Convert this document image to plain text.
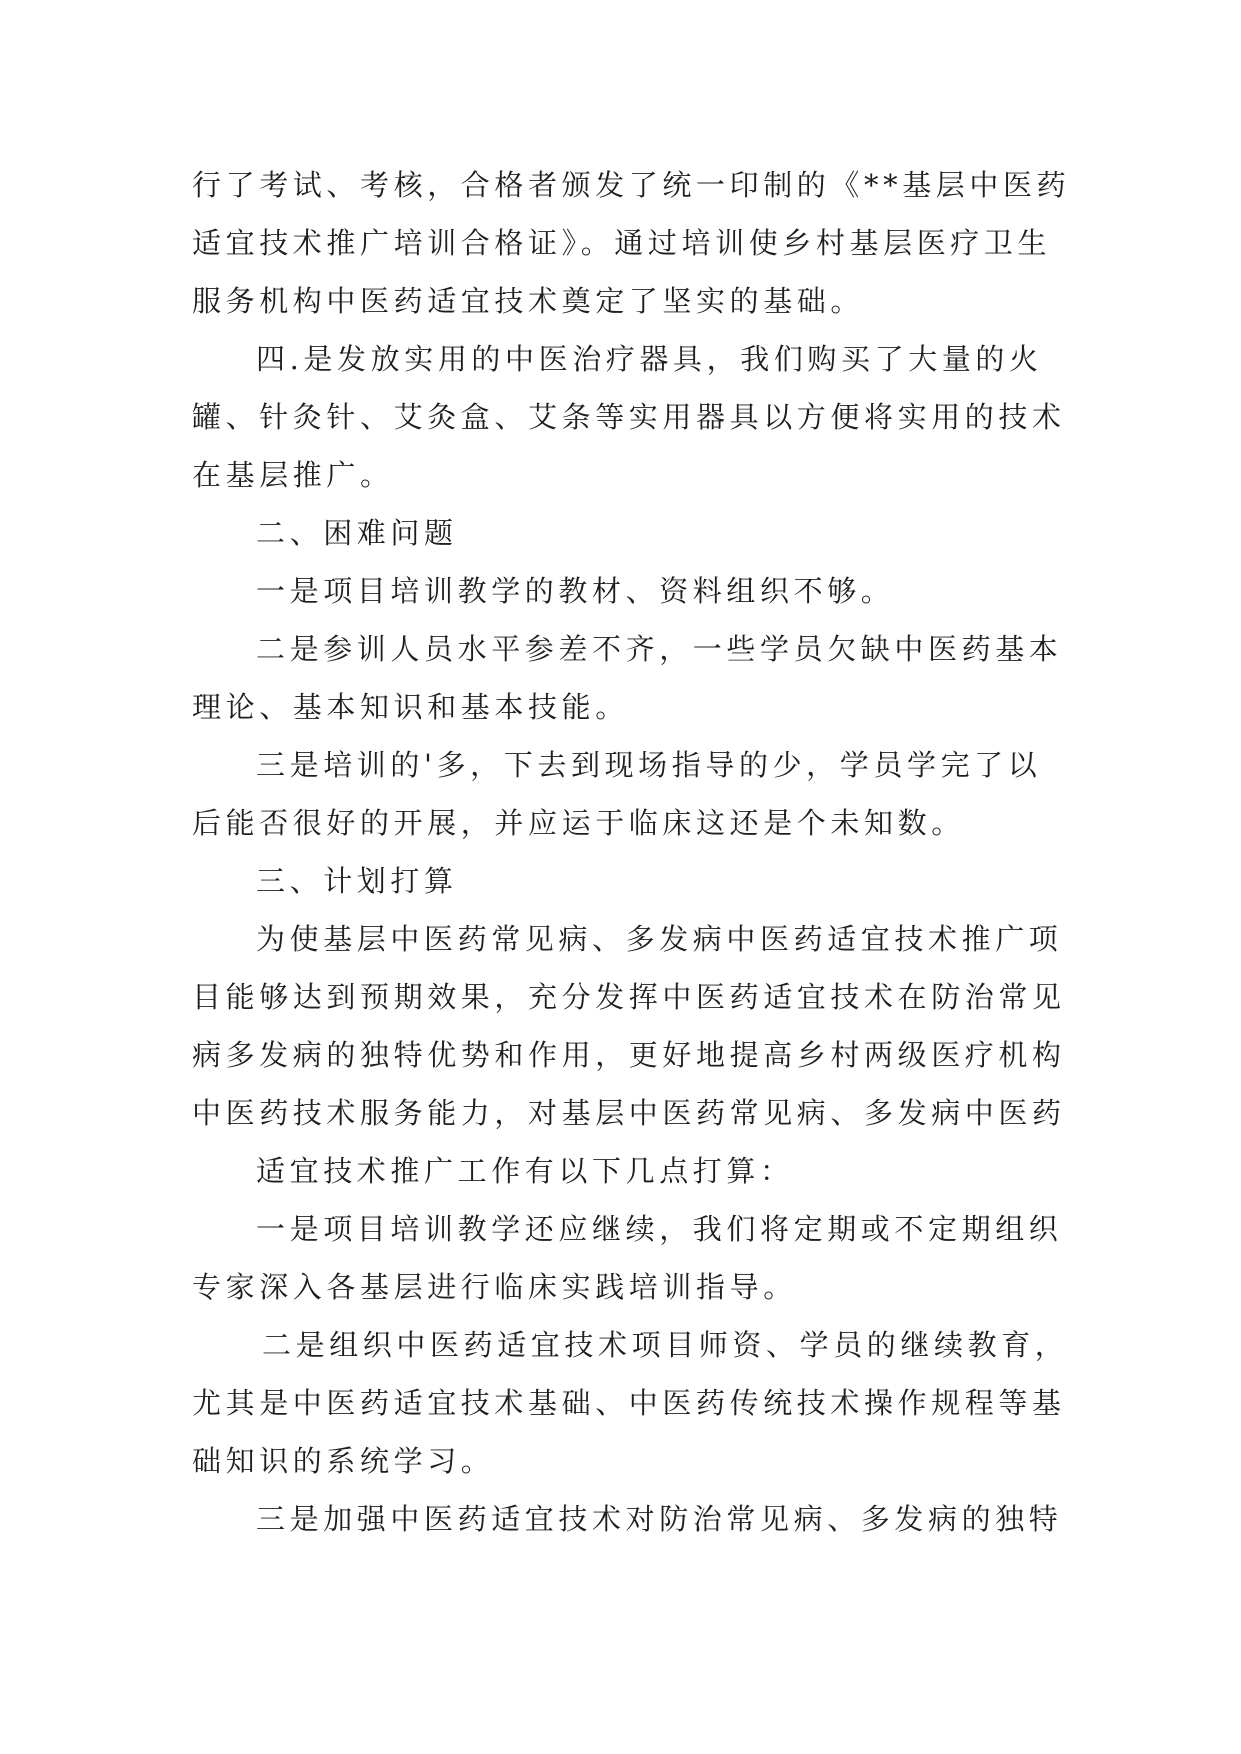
行了考试、考核，合格者颁发了统一印制的《**基层中医药
适宜技术推广培训合格证》。通过培训使乡村基层医疗卫生
服务机构中医药适宜技术奠定了坚实的基础。
四.是发放实用的中医治疗器具，我们购买了大量的火
罐、针灸针、艾灸盒、艾条等实用器具以方便将实用的技术
在基层推广。
二、困难问题
一是项目培训教学的教材、资料组织不够。
二是参训人员水平参差不齐，一些学员欠缺中医药基本
理论、基本知识和基本技能。
三是培训的'多，下去到现场指导的少，学员学完了以
后能否很好的开展，并应运于临床这还是个未知数。
三、计划打算
为使基层中医药常见病、多发病中医药适宜技术推广项
目能够达到预期效果，充分发挥中医药适宜技术在防治常见
病多发病的独特优势和作用，更好地提高乡村两级医疗机构
中医药技术服务能力，对基层中医药常见病、多发病中医药
适宜技术推广工作有以下几点打算：
一是项目培训教学还应继续，我们将定期或不定期组织
专家深入各基层进行临床实践培训指导。
二是组织中医药适宜技术项目师资、学员的继续教育，
尤其是中医药适宜技术基础、中医药传统技术操作规程等基
础知识的系统学习。
三是加强中医药适宜技术对防治常见病、多发病的独特
